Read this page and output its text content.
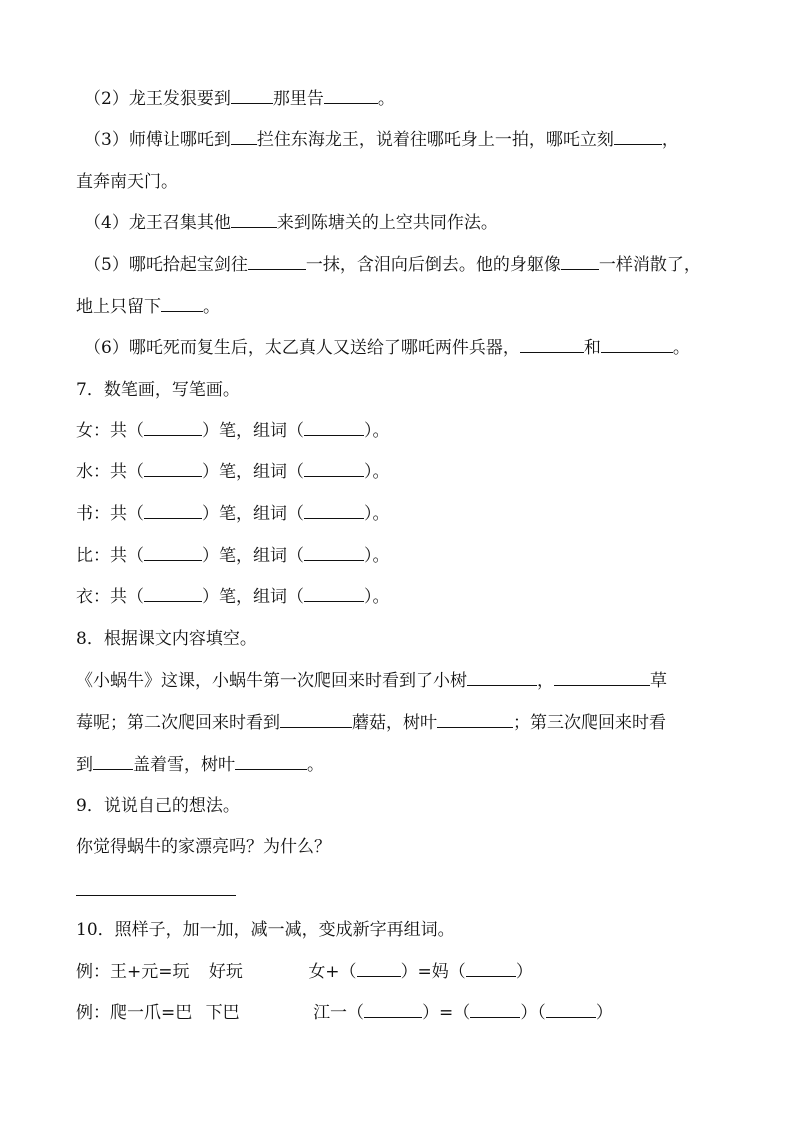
（2）龙王发狠要到 那里告	。
（3）师傅让哪吒到 拦住东海龙王，说着往哪吒身上一拍，哪吒立刻	，
直奔南天门。
（4）龙王召集其他	来到陈塘关的上空共同作法。
（5）哪吒拾起宝剑往	一抹，含泪向后倒去。他的身躯像 一样消散了，
地上只留下 。
（6）哪吒死而复生后，太乙真人又送给了哪吒两件兵器，	和	。
7．数笔画，写笔画。
女：共（	）笔，组词（	）。
水：共（	）笔，组词（	）。
书：共（	）笔，组词（	）。
比：共（	）笔，组词（	）。
衣：共（	）笔，组词（	）。
8．根据课文内容填空。
《小蜗牛》这课，小蜗牛第一次爬回来时看到了小树	，	草
莓呢；第二次爬回来时看到	蘑菇，树叶	；第三次爬回来时看
到 盖着雪，树叶	。
9．说说自己的想法。
你觉得蜗牛的家漂亮吗？为什么？
10．照样子，加一加，减一减，变成新字再组词。
例：王+元=玩 好玩	女+（	）=妈（	）
例：爬一爪=巴 下巴	江一（	）=（	）（	）
